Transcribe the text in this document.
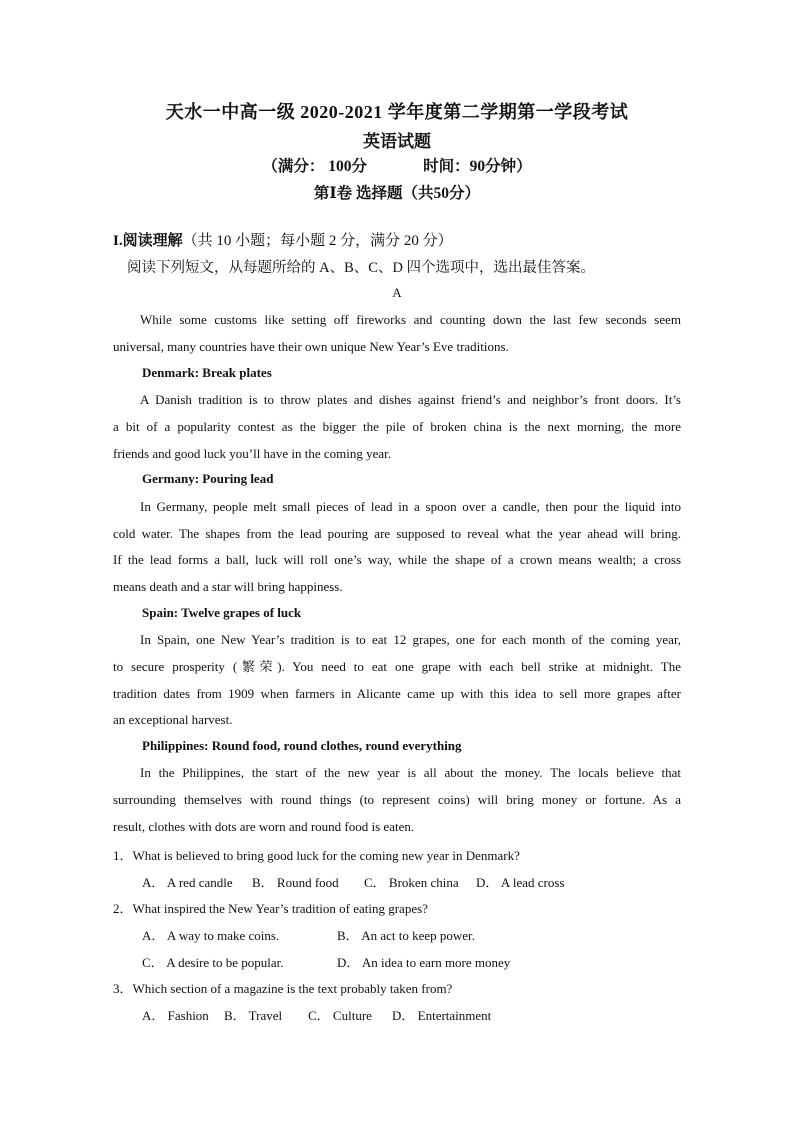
天水一中高一级 2020-2021 学年度第二学期第一学段考试
英语试题
（满分： 100分	时间：90分钟）
第Ⅰ卷 选择题（共50分）
I.阅读理解（共 10 小题；每小题 2 分，满分 20 分）
阅读下列短文，从每题所给的 A、B、C、D 四个选项中，选出最佳答案。
A
While some customs like setting off fireworks and counting down the last few seconds seem
universal, many countries have their own unique New Year’s Eve traditions.
Denmark: Break plates
A Danish tradition is to throw plates and dishes against friend’s and neighbor’s front doors. It’s
a bit of a popularity contest as the bigger the pile of broken china is the next morning, the more
friends and good luck you’ll have in the coming year.
Germany: Pouring lead
In Germany, people melt small pieces of lead in a spoon over a candle, then pour the liquid into
cold water. The shapes from the lead pouring are supposed to reveal what the year ahead will bring.
If the lead forms a ball, luck will roll one’s way, while the shape of a crown means wealth; a cross
means death and a star will bring happiness.
Spain: Twelve grapes of luck
In Spain, one New Year’s tradition is to eat 12 grapes, one for each month of the coming year,
to secure prosperity (繁荣). You need to eat one grape with each bell strike at midnight. The
tradition dates from 1909 when farmers in Alicante came up with this idea to sell more grapes after
an exceptional harvest.
Philippines: Round food, round clothes, round everything
In the Philippines, the start of the new year is all about the money. The locals believe that
surrounding themselves with round things (to represent coins) will bring money or fortune. As a
result, clothes with dots are worn and round food is eaten.
1．What is believed to bring good luck for the coming new year in Denmark?
A． A red candle B． Round food C． Broken china D． A lead cross
2．What inspired the New Year’s tradition of eating grapes?
A． A way to make coins.	B． An act to keep power.
C． A desire to be popular.	D． An idea to earn more money
3．Which section of a magazine is the text probably taken from?
A． Fashion B． Travel C． Culture D． Entertainment
